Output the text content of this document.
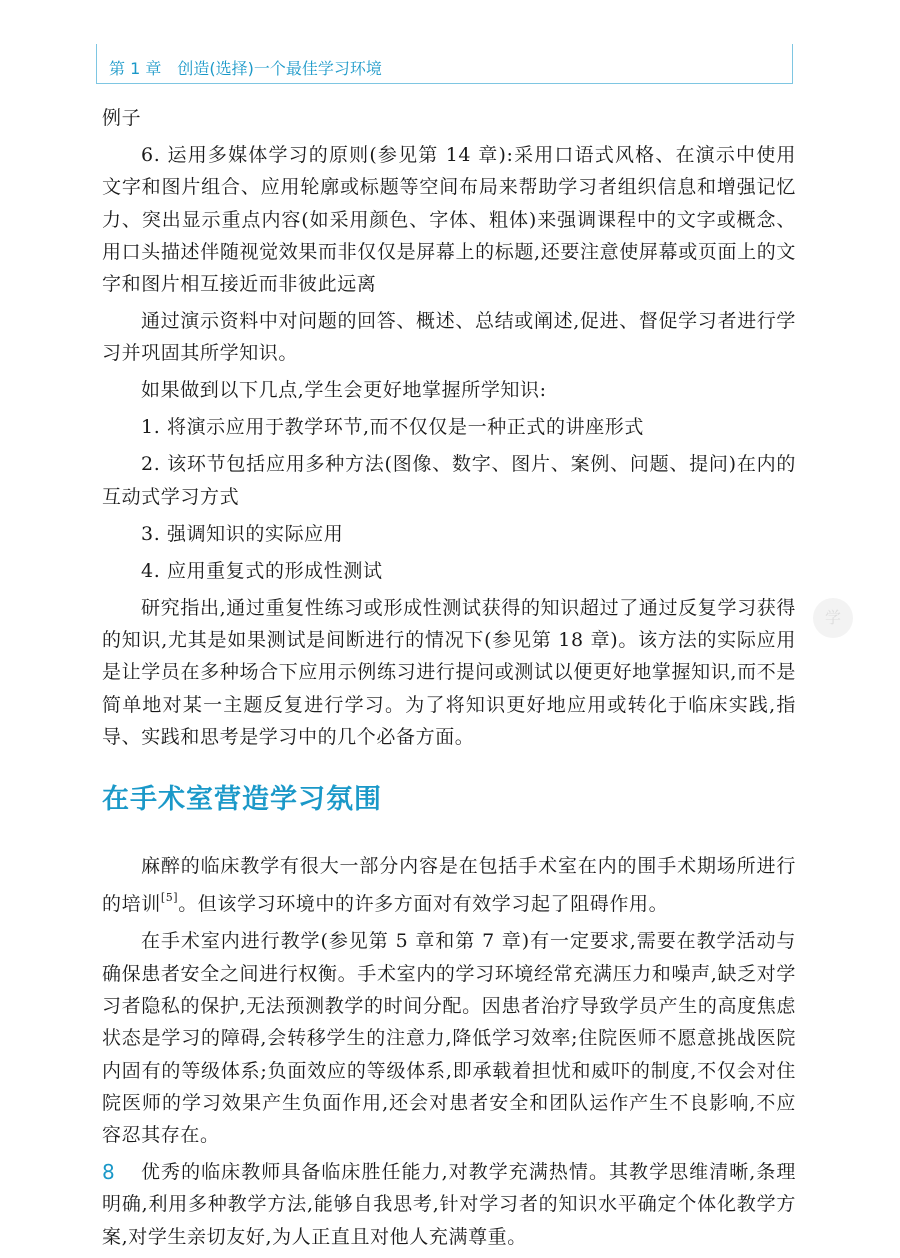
第 1 章　创造(选择)一个最佳学习环境

例子

6. 运用多媒体学习的原则(参见第 14 章):采用口语式风格、在演示中使用文字和图片组合、应用轮廓或标题等空间布局来帮助学习者组织信息和增强记忆力、突出显示重点内容(如采用颜色、字体、粗体)来强调课程中的文字或概念、用口头描述伴随视觉效果而非仅仅是屏幕上的标题,还要注意使屏幕或页面上的文字和图片相互接近而非彼此远离

通过演示资料中对问题的回答、概述、总结或阐述,促进、督促学习者进行学习并巩固其所学知识。

如果做到以下几点,学生会更好地掌握所学知识:

1. 将演示应用于教学环节,而不仅仅是一种正式的讲座形式

2. 该环节包括应用多种方法(图像、数字、图片、案例、问题、提问)在内的互动式学习方式

3. 强调知识的实际应用

4. 应用重复式的形成性测试

研究指出,通过重复性练习或形成性测试获得的知识超过了通过反复学习获得的知识,尤其是如果测试是间断进行的情况下(参见第 18 章)。该方法的实际应用是让学员在多种场合下应用示例练习进行提问或测试以便更好地掌握知识,而不是简单地对某一主题反复进行学习。为了将知识更好地应用或转化于临床实践,指导、实践和思考是学习中的几个必备方面。

在手术室营造学习氛围

麻醉的临床教学有很大一部分内容是在包括手术室在内的围手术期场所进行的培训[5]。但该学习环境中的许多方面对有效学习起了阻碍作用。

在手术室内进行教学(参见第 5 章和第 7 章)有一定要求,需要在教学活动与确保患者安全之间进行权衡。手术室内的学习环境经常充满压力和噪声,缺乏对学习者隐私的保护,无法预测教学的时间分配。因患者治疗导致学员产生的高度焦虑状态是学习的障碍,会转移学生的注意力,降低学习效率;住院医师不愿意挑战医院内固有的等级体系;负面效应的等级体系,即承载着担忧和威吓的制度,不仅会对住院医师的学习效果产生负面作用,还会对患者安全和团队运作产生不良影响,不应容忍其存在。

优秀的临床教师具备临床胜任能力,对教学充满热情。其教学思维清晰,条理明确,利用多种教学方法,能够自我思考,针对学习者的知识水平确定个体化教学方案,对学生亲切友好,为人正直且对他人充满尊重。

学
8
